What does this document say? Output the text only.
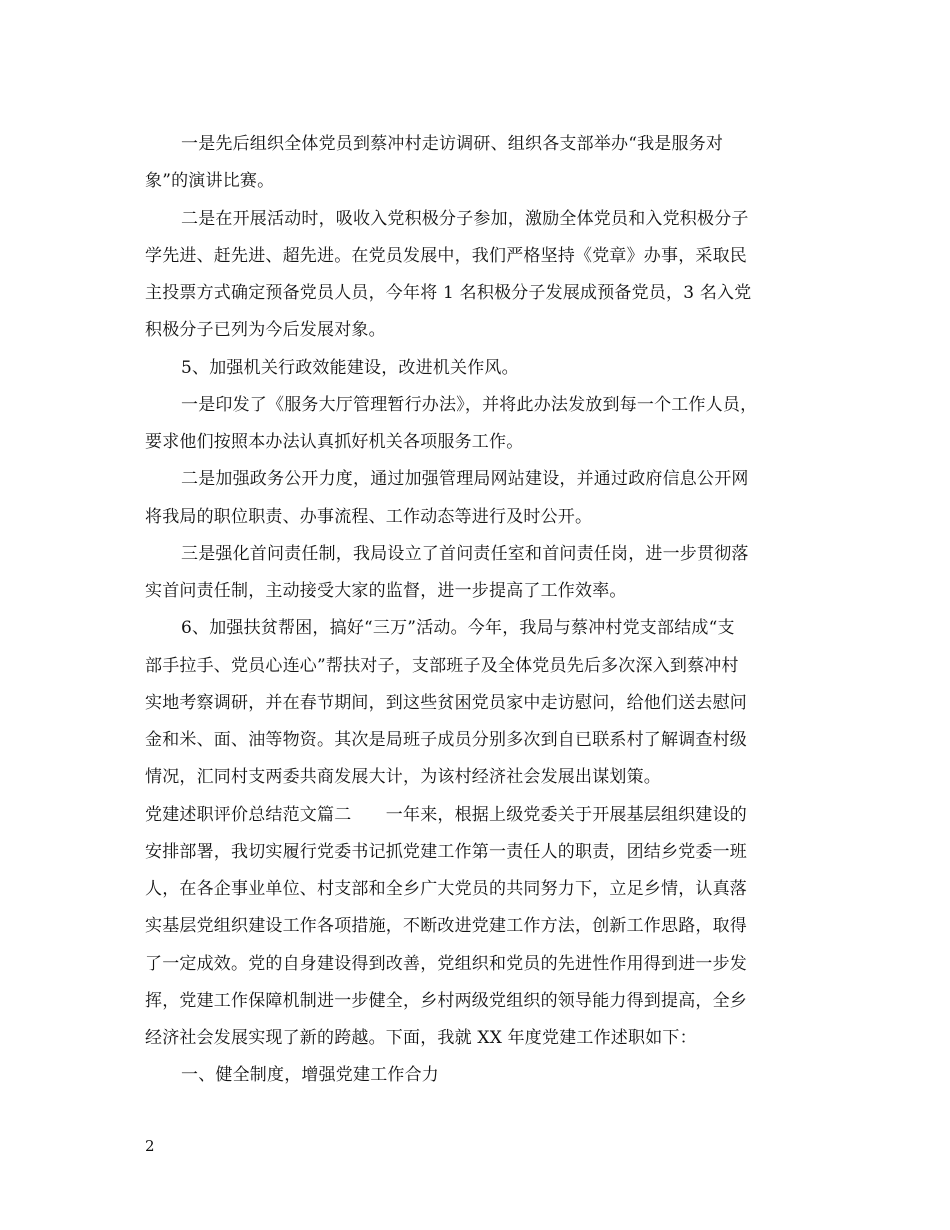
一是先后组织全体党员到蔡冲村走访调研、组织各支部举办“我是服务对

象”的演讲比赛。

二是在开展活动时，吸收入党积极分子参加，激励全体党员和入党积极分子

学先进、赶先进、超先进。在党员发展中，我们严格坚持《党章》办事，采取民

主投票方式确定预备党员人员，今年将 1 名积极分子发展成预备党员，3 名入党

积极分子已列为今后发展对象。

5、加强机关行政效能建设，改进机关作风。

一是印发了《服务大厅管理暂行办法》，并将此办法发放到每一个工作人员，

要求他们按照本办法认真抓好机关各项服务工作。

二是加强政务公开力度，通过加强管理局网站建设，并通过政府信息公开网

将我局的职位职责、办事流程、工作动态等进行及时公开。

三是强化首问责任制，我局设立了首问责任室和首问责任岗，进一步贯彻落

实首问责任制，主动接受大家的监督，进一步提高了工作效率。

6、加强扶贫帮困，搞好“三万”活动。今年，我局与蔡冲村党支部结成“支

部手拉手、党员心连心”帮扶对子，支部班子及全体党员先后多次深入到蔡冲村

实地考察调研，并在春节期间，到这些贫困党员家中走访慰问，给他们送去慰问

金和米、面、油等物资。其次是局班子成员分别多次到自已联系村了解调查村级

情况，汇同村支两委共商发展大计，为该村经济社会发展出谋划策。

党建述职评价总结范文篇二　　一年来，根据上级党委关于开展基层组织建设的

安排部署，我切实履行党委书记抓党建工作第一责任人的职责，团结乡党委一班

人，在各企事业单位、村支部和全乡广大党员的共同努力下，立足乡情，认真落

实基层党组织建设工作各项措施，不断改进党建工作方法，创新工作思路，取得

了一定成效。党的自身建设得到改善，党组织和党员的先进性作用得到进一步发

挥，党建工作保障机制进一步健全，乡村两级党组织的领导能力得到提高，全乡

经济社会发展实现了新的跨越。下面，我就 XX 年度党建工作述职如下：

一、健全制度，增强党建工作合力

2
